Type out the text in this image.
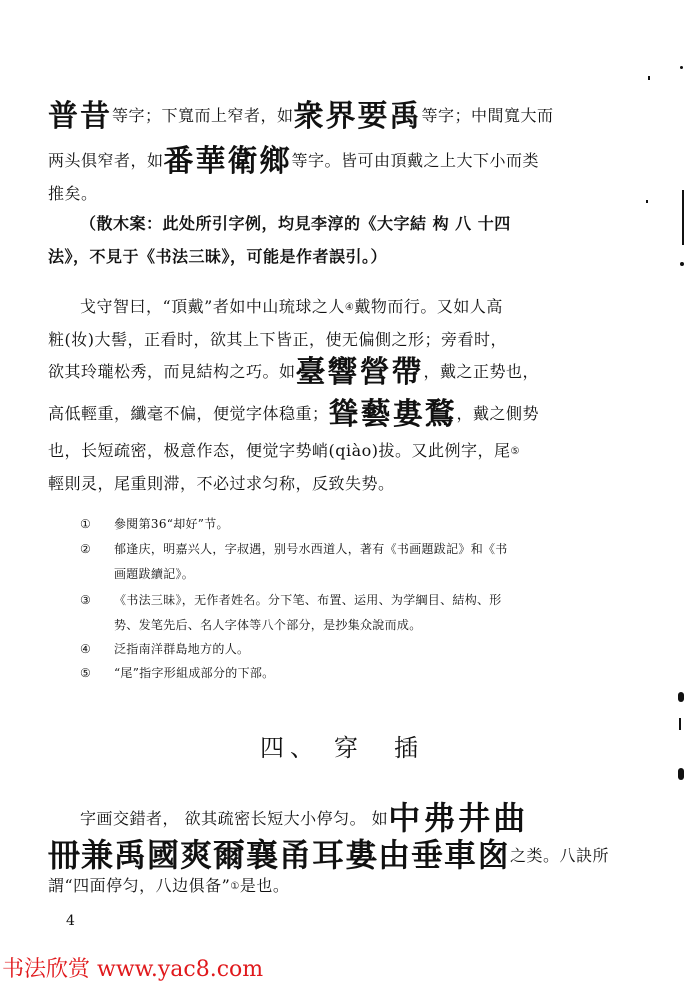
普昔等字；下寬而上窄者，如衆界要禹等字；中間寬大而
两头俱窄者，如番華衛鄉等字。皆可由頂戴之上大下小而类
推矣。
（散木案：此处所引字例，均見李淳的《大字結 构 八 十四
法》，不見于《书法三昧》，可能是作者誤引。）
戈守智曰，“頂戴”者如中山琉球之人④戴物而行。又如人高
粧(妆)大髻，正看时，欲其上下皆正，使无偏側之形；旁看时，
欲其玲瓏松秀，而見結构之巧。如臺響營帶，戴之正势也，
高低輕重，纖毫不偏，便觉字体稳重；聳藝婁鶩，戴之側势
也，长短疏密，极意作态，便觉字势峭(qiào)拔。又此例字，尾⑤
輕則灵，尾重則滞，不必过求匀称，反致失势。
① 參閱第36“却好”节。
② 郁逢庆，明嘉兴人，字叔遇，别号水西道人，著有《书画題跋記》和《书
画題跋續記》。
③ 《书法三昧》，无作者姓名。分下笔、布置、运用、为学綱目、結构、形
势、发笔先后、名人字体等八个部分，是抄集众說而成。
④ 泛指南洋群島地方的人。
⑤ “尾”指字形組成部分的下部。
四、 穿 插
字画交錯者， 欲其疏密长短大小停匀。 如中弗井曲
冊兼禹國爽爾襄甬耳婁由垂車囪之类。八訣所
謂“四面停匀，八边俱备”①是也。
4
书法欣赏 www.yac8.com
